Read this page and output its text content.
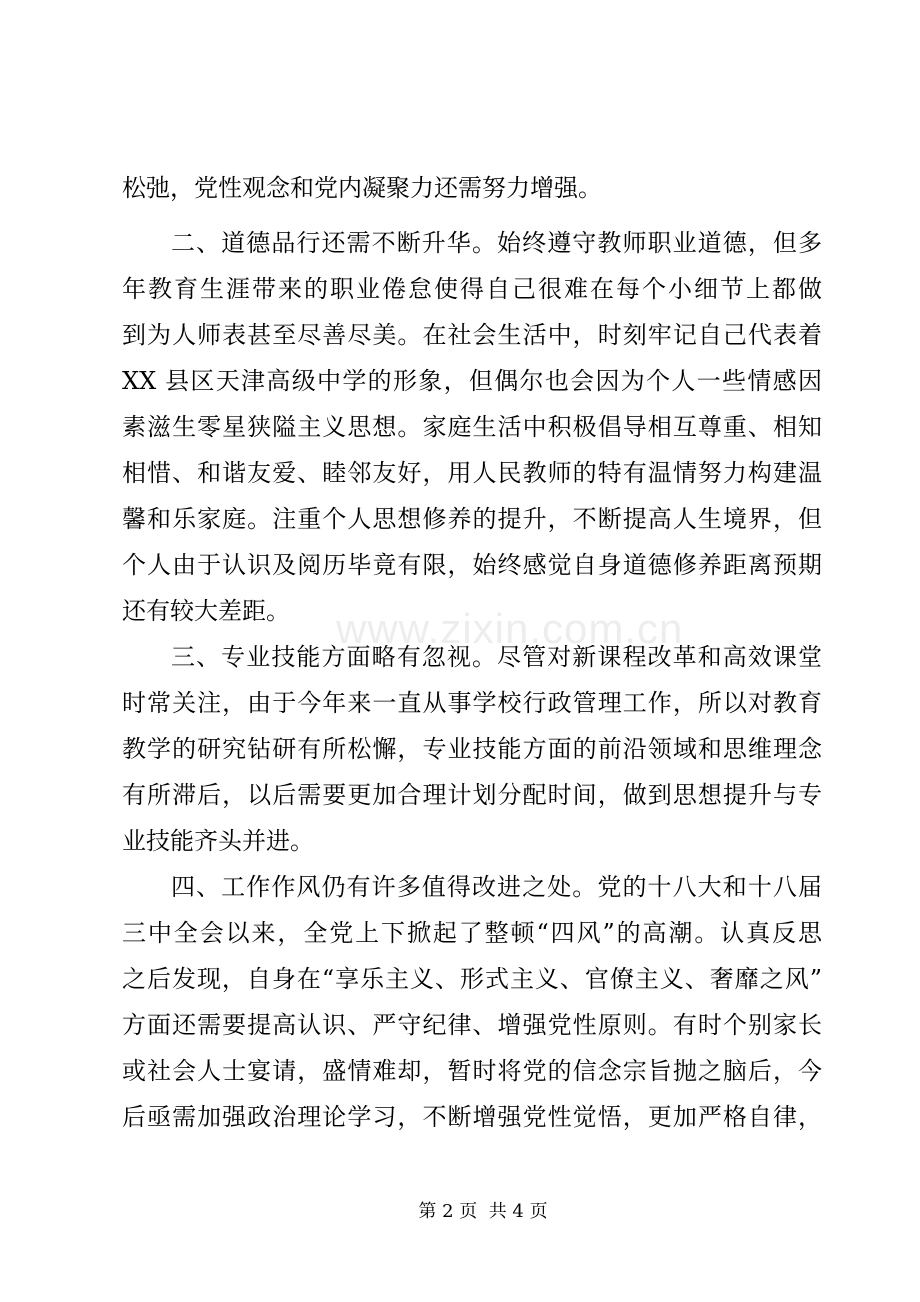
www.zixin.com.cn
松弛，党性观念和党内凝聚力还需努力增强。
二、道德品行还需不断升华。始终遵守教师职业道德，但多
年教育生涯带来的职业倦怠使得自己很难在每个小细节上都做
到为人师表甚至尽善尽美。在社会生活中，时刻牢记自己代表着
XX 县区天津高级中学的形象，但偶尔也会因为个人一些情感因
素滋生零星狭隘主义思想。家庭生活中积极倡导相互尊重、相知
相惜、和谐友爱、睦邻友好，用人民教师的特有温情努力构建温
馨和乐家庭。注重个人思想修养的提升，不断提高人生境界，但
个人由于认识及阅历毕竟有限，始终感觉自身道德修养距离预期
还有较大差距。
三、专业技能方面略有忽视。尽管对新课程改革和高效课堂
时常关注，由于今年来一直从事学校行政管理工作，所以对教育
教学的研究钻研有所松懈，专业技能方面的前沿领域和思维理念
有所滞后，以后需要更加合理计划分配时间，做到思想提升与专
业技能齐头并进。
四、工作作风仍有许多值得改进之处。党的十八大和十八届
三中全会以来，全党上下掀起了整顿“四风”的高潮。认真反思
之后发现，自身在“享乐主义、形式主义、官僚主义、奢靡之风”
方面还需要提高认识、严守纪律、增强党性原则。有时个别家长
或社会人士宴请，盛情难却，暂时将党的信念宗旨抛之脑后，今
后亟需加强政治理论学习，不断增强党性觉悟，更加严格自律，
第 2 页  共 4 页
